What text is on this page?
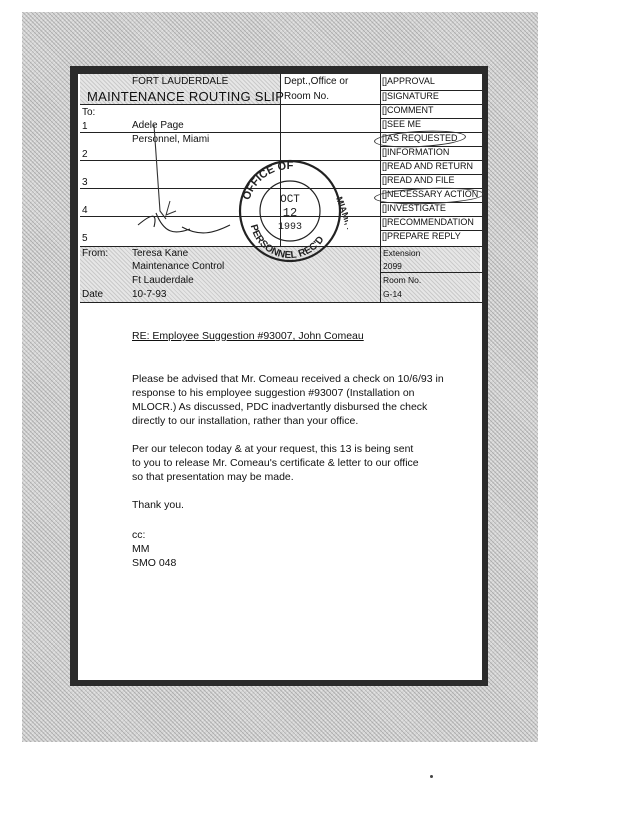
FORT LAUDERDALE
MAINTENANCE ROUTING SLIP
Dept.,Office or
Room No.
To:
1	Adele Page
Personnel, Miami
2
3
4
5
[]APPROVAL
[]SIGNATURE
[]COMMENT
[]SEE ME
[]AS REQUESTED
[]INFORMATION
[]READ AND RETURN
[]READ AND FILE
[]NECESSARY ACTION
[]INVESTIGATE
[]RECOMMENDATION
[]PREPARE REPLY
From: Teresa Kane
Maintenance Control
Ft Lauderdale
Date	10-7-93
Extension
2099
Room No.
G-14
OFFICE OF
PERSONNEL REC'D
OCT
12
1993
MIAMI, FL
RE: Employee Suggestion #93007, John Comeau

Please be advised that Mr. Comeau received a check on 10/6/93 in

response to his employee suggestion #93007 (Installation on

MLOCR.) As discussed, PDC inadvertantly disbursed the check

directly to our installation, rather than your office.

Per our telecon today & at your request, this 13 is being sent

to you to release Mr. Comeau's certificate & letter to our office

so that presentation may be made.

Thank you.

cc:

MM

SMO 048
